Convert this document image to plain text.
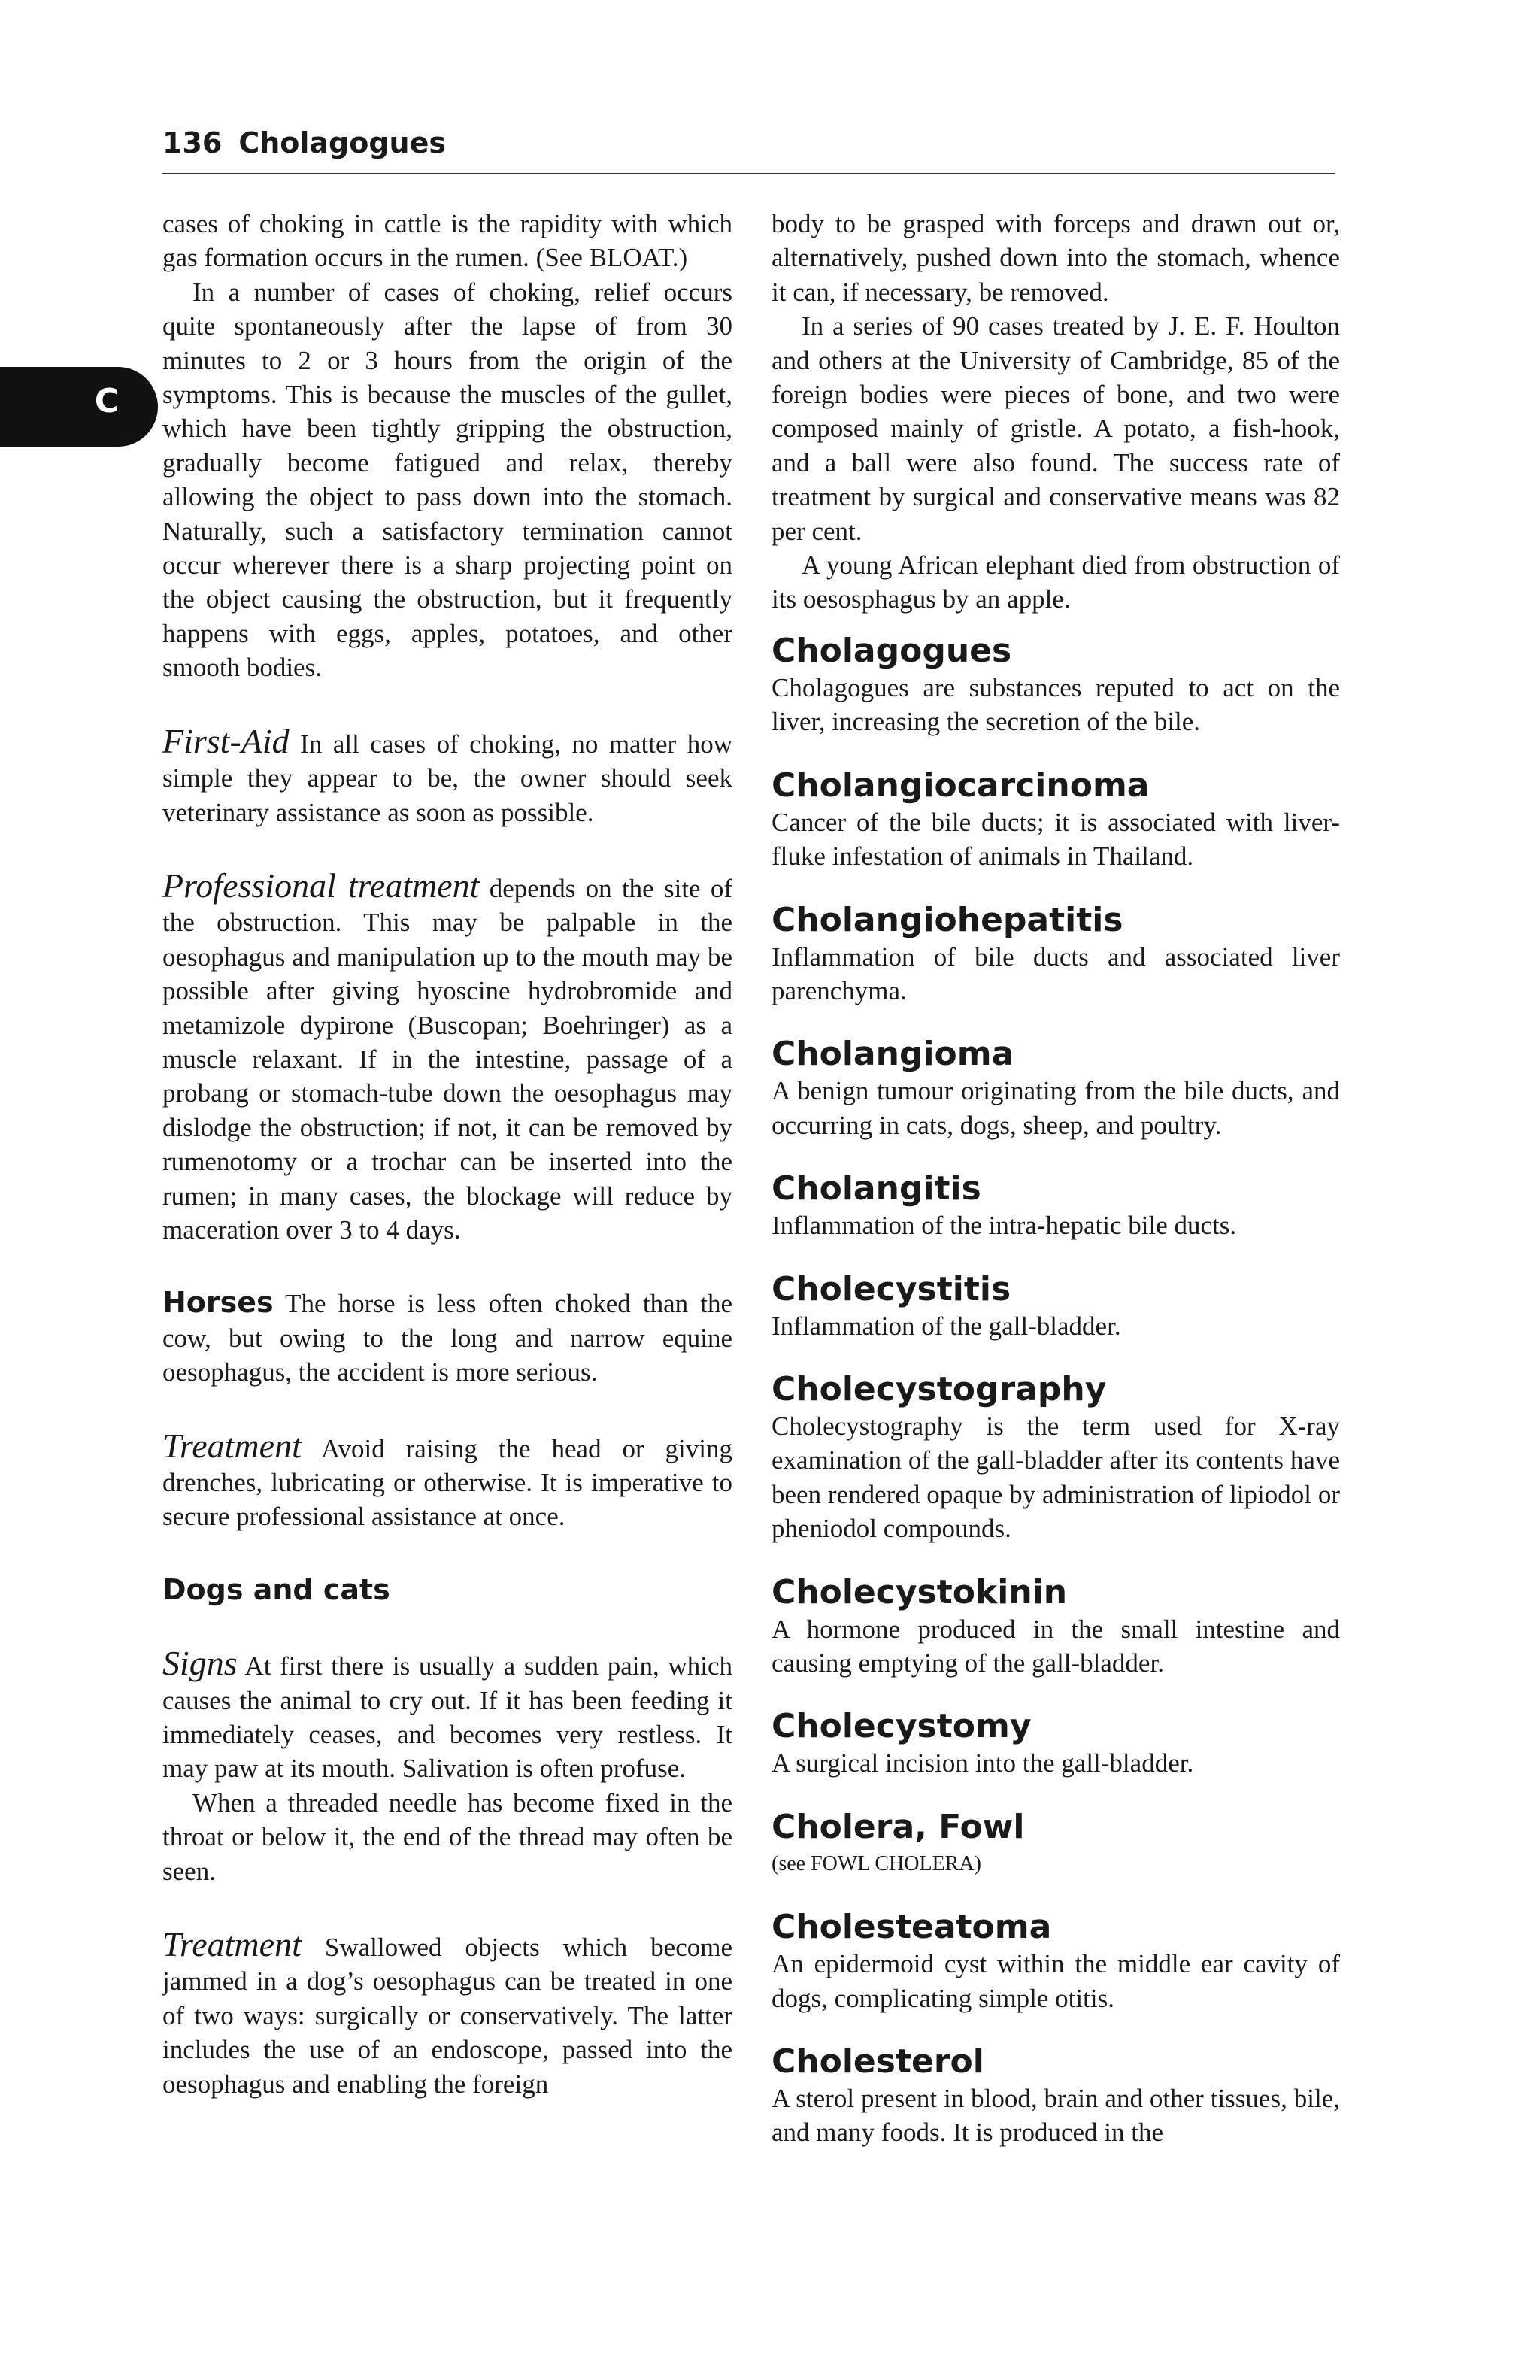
136 Cholagogues
C

cases of choking in cattle is the rapidity with which gas formation occurs in the rumen. (See BLOAT.)

In a number of cases of choking, relief occurs quite spontaneously after the lapse of from 30 minutes to 2 or 3 hours from the origin of the symptoms. This is because the muscles of the gullet, which have been tightly gripping the obstruction, gradually become fatigued and relax, thereby allowing the object to pass down into the stomach. Naturally, such a satisfactory termination cannot occur wherever there is a sharp projecting point on the object causing the obstruction, but it frequently happens with eggs, apples, potatoes, and other smooth bodies.

First-Aid In all cases of choking, no matter how simple they appear to be, the owner should seek veterinary assistance as soon as possible.

Professional treatment depends on the site of the obstruction. This may be palpable in the oesophagus and manipulation up to the mouth may be possible after giving hyoscine hydrobromide and metamizole dypirone (Buscopan; Boehringer) as a muscle relaxant. If in the intestine, passage of a probang or stomach-tube down the oesophagus may dislodge the obstruction; if not, it can be removed by rumenotomy or a trochar can be inserted into the rumen; in many cases, the blockage will reduce by maceration over 3 to 4 days.

Horses The horse is less often choked than the cow, but owing to the long and narrow equine oesophagus, the accident is more serious.

Treatment Avoid raising the head or giving drenches, lubricating or otherwise. It is imperative to secure professional assistance at once.

Dogs and cats

Signs At first there is usually a sudden pain, which causes the animal to cry out. If it has been feeding it immediately ceases, and becomes very restless. It may paw at its mouth. Salivation is often profuse.

When a threaded needle has become fixed in the throat or below it, the end of the thread may often be seen.

Treatment Swallowed objects which become jammed in a dog’s oesophagus can be treated in one of two ways: surgically or conservatively. The latter includes the use of an endoscope, passed into the oesophagus and enabling the foreign

body to be grasped with forceps and drawn out or, alternatively, pushed down into the stomach, whence it can, if necessary, be removed.

In a series of 90 cases treated by J. E. F. Houlton and others at the University of Cambridge, 85 of the foreign bodies were pieces of bone, and two were composed mainly of gristle. A potato, a fish-hook, and a ball were also found. The success rate of treatment by surgical and conservative means was 82 per cent.

A young African elephant died from obstruction of its oesosphagus by an apple.

Cholagogues

Cholagogues are substances reputed to act on the liver, increasing the secretion of the bile.

Cholangiocarcinoma

Cancer of the bile ducts; it is associated with liver-fluke infestation of animals in Thailand.

Cholangiohepatitis

Inflammation of bile ducts and associated liver parenchyma.

Cholangioma

A benign tumour originating from the bile ducts, and occurring in cats, dogs, sheep, and poultry.

Cholangitis

Inflammation of the intra-hepatic bile ducts.

Cholecystitis

Inflammation of the gall-bladder.

Cholecystography

Cholecystography is the term used for X-ray examination of the gall-bladder after its contents have been rendered opaque by administration of lipiodol or pheniodol compounds.

Cholecystokinin

A hormone produced in the small intestine and causing emptying of the gall-bladder.

Cholecystomy

A surgical incision into the gall-bladder.

Cholera, Fowl

(see FOWL CHOLERA)

Cholesteatoma

An epidermoid cyst within the middle ear cavity of dogs, complicating simple otitis.

Cholesterol

A sterol present in blood, brain and other tissues, bile, and many foods. It is produced in the
